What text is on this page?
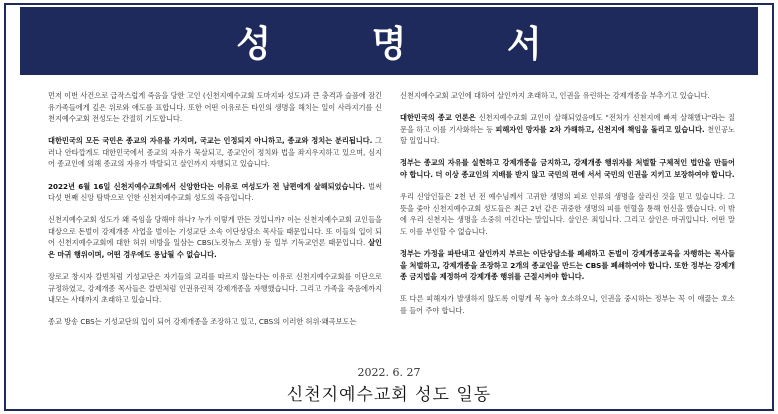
성 명 서

먼저 이번 사건으로 급작스럽게 죽음을 당한 고인 (신천지예수교회 도마지파 성도)과 큰 충격과 슬픔에 잠긴 유가족들에게 깊은 위로와 애도를 표합니다. 또한 어떤 이유로든 타인의 생명을 해치는 일이 사라지기를 신천지예수교회 전성도는 간절히 기도합니다.

대한민국의 모든 국민은 종교의 자유를 가지며, 국교는 인정되지 아니하고, 종교와 정치는 분리됩니다. 그러나 안타깝게도 대한민국에서 종교의 자유가 묵살되고, 종교인이 정치와 법을 좌지우지하고 있으며, 심지어 종교인에 의해 종교의 자유가 박탈되고 살인까지 자행되고 있습니다.

2022년 6월 16일 신천지예수교회에서 신앙한다는 이유로 여성도가 전 남편에게 살해되었습니다. 벌써 다섯 번째 신앙 탐박으로 인한 신천지예수교회 성도의 죽음입니다.

신천지예수교회 성도가 왜 죽임을 당해야 하나? 누가 이렇게 만든 것입니까? 이는 신천지예수교회 교인들을 대상으로 돈벌이 강제개종 사업을 벌이는 기성교단 소속 이단상담소 목사들 때문입니다. 또 이들의 입이 되어 신천지예수교회에 대한 허위 비방을 일삼는 CBS(노컷뉴스 포함) 등 일부 기독교언론 때문입니다. 살인은 마귀 행위이며, 어떤 경우에도 용납될 수 없습니다.

장로교 창시자 칼빈처럼 기성교단은 자기들의 교리를 따르지 않는다는 이유로 신천지예수교회를 이단으로 규정하였고, 강제개종 목사들은 칼빈처럼 인권유린적 강제개종을 자행했습니다. 그리고 가족을 죽음에까지 내모는 사태까지 초래하고 있습니다.

종교 방송 CBS는 기성교단의 입이 되어 강제개종을 조장하고 있고, CBS의 이러한 허위·왜곡보도는

신천지예수교회 교인에 대하여 살인까지 초래하고, 인권을 유린하는 강제개종을 부추기고 있습니다.

대한민국의 종교 언론은 신천지예수교회 교인이 살해되었음에도 "전처가 신천지에 빠져 살해했나"라는 질문을 하고 이를 기사화하는 등 피해자인 망자를 2차 가해하고, 신천지에 책임을 돌리고 있습니다. 천인공노할 일입니다.

정부는 종교의 자유를 실현하고 강제개종을 금지하고, 강제개종 행위자를 처벌할 구체적인 법안을 만들어야 합니다. 더 이상 종교인의 지배를 받지 않고 국민의 편에 서서 국민의 인권을 지키고 보장하여야 합니다.

우리 신앙인들은 2천 년 전 예수님께서 고귀한 생명의 피로 인류의 생명을 살리신 것을 믿고 있습니다. 그 뜻을 좇아 신천지예수교회 성도들은 최근 2년 같은 귀중한 생명의 피를 헌혈을 통해 헌신을 했습니다. 이 밖에 우리 신천지는 생명을 소중히 여긴다는 말입니다. 살인은 죄입니다. 그리고 살인은 마귀입니다. 어떤 말도 이를 부인할 수 없습니다.

정부는 가정을 파탄내고 살인까지 부르는 이단상담소를 폐쇄하고 돈벌이 강제개종교육을 자행하는 목사들을 처벌하고, 강제개종을 조장하고 2개의 종교인을 만드는 CBS를 폐쇄하여야 합니다. 또한 정부는 강제개종 금지법을 제정하여 강제개종 행위를 근절시켜야 합니다.

또 다른 피해자가 발생하지 않도록 이렇게 목 놓아 호소하오니, 인권을 중시하는 정부는 꼭 이 애끓는 호소를 들어 주야 합니다.

2022. 6. 27
신천지예수교회 성도 일동
